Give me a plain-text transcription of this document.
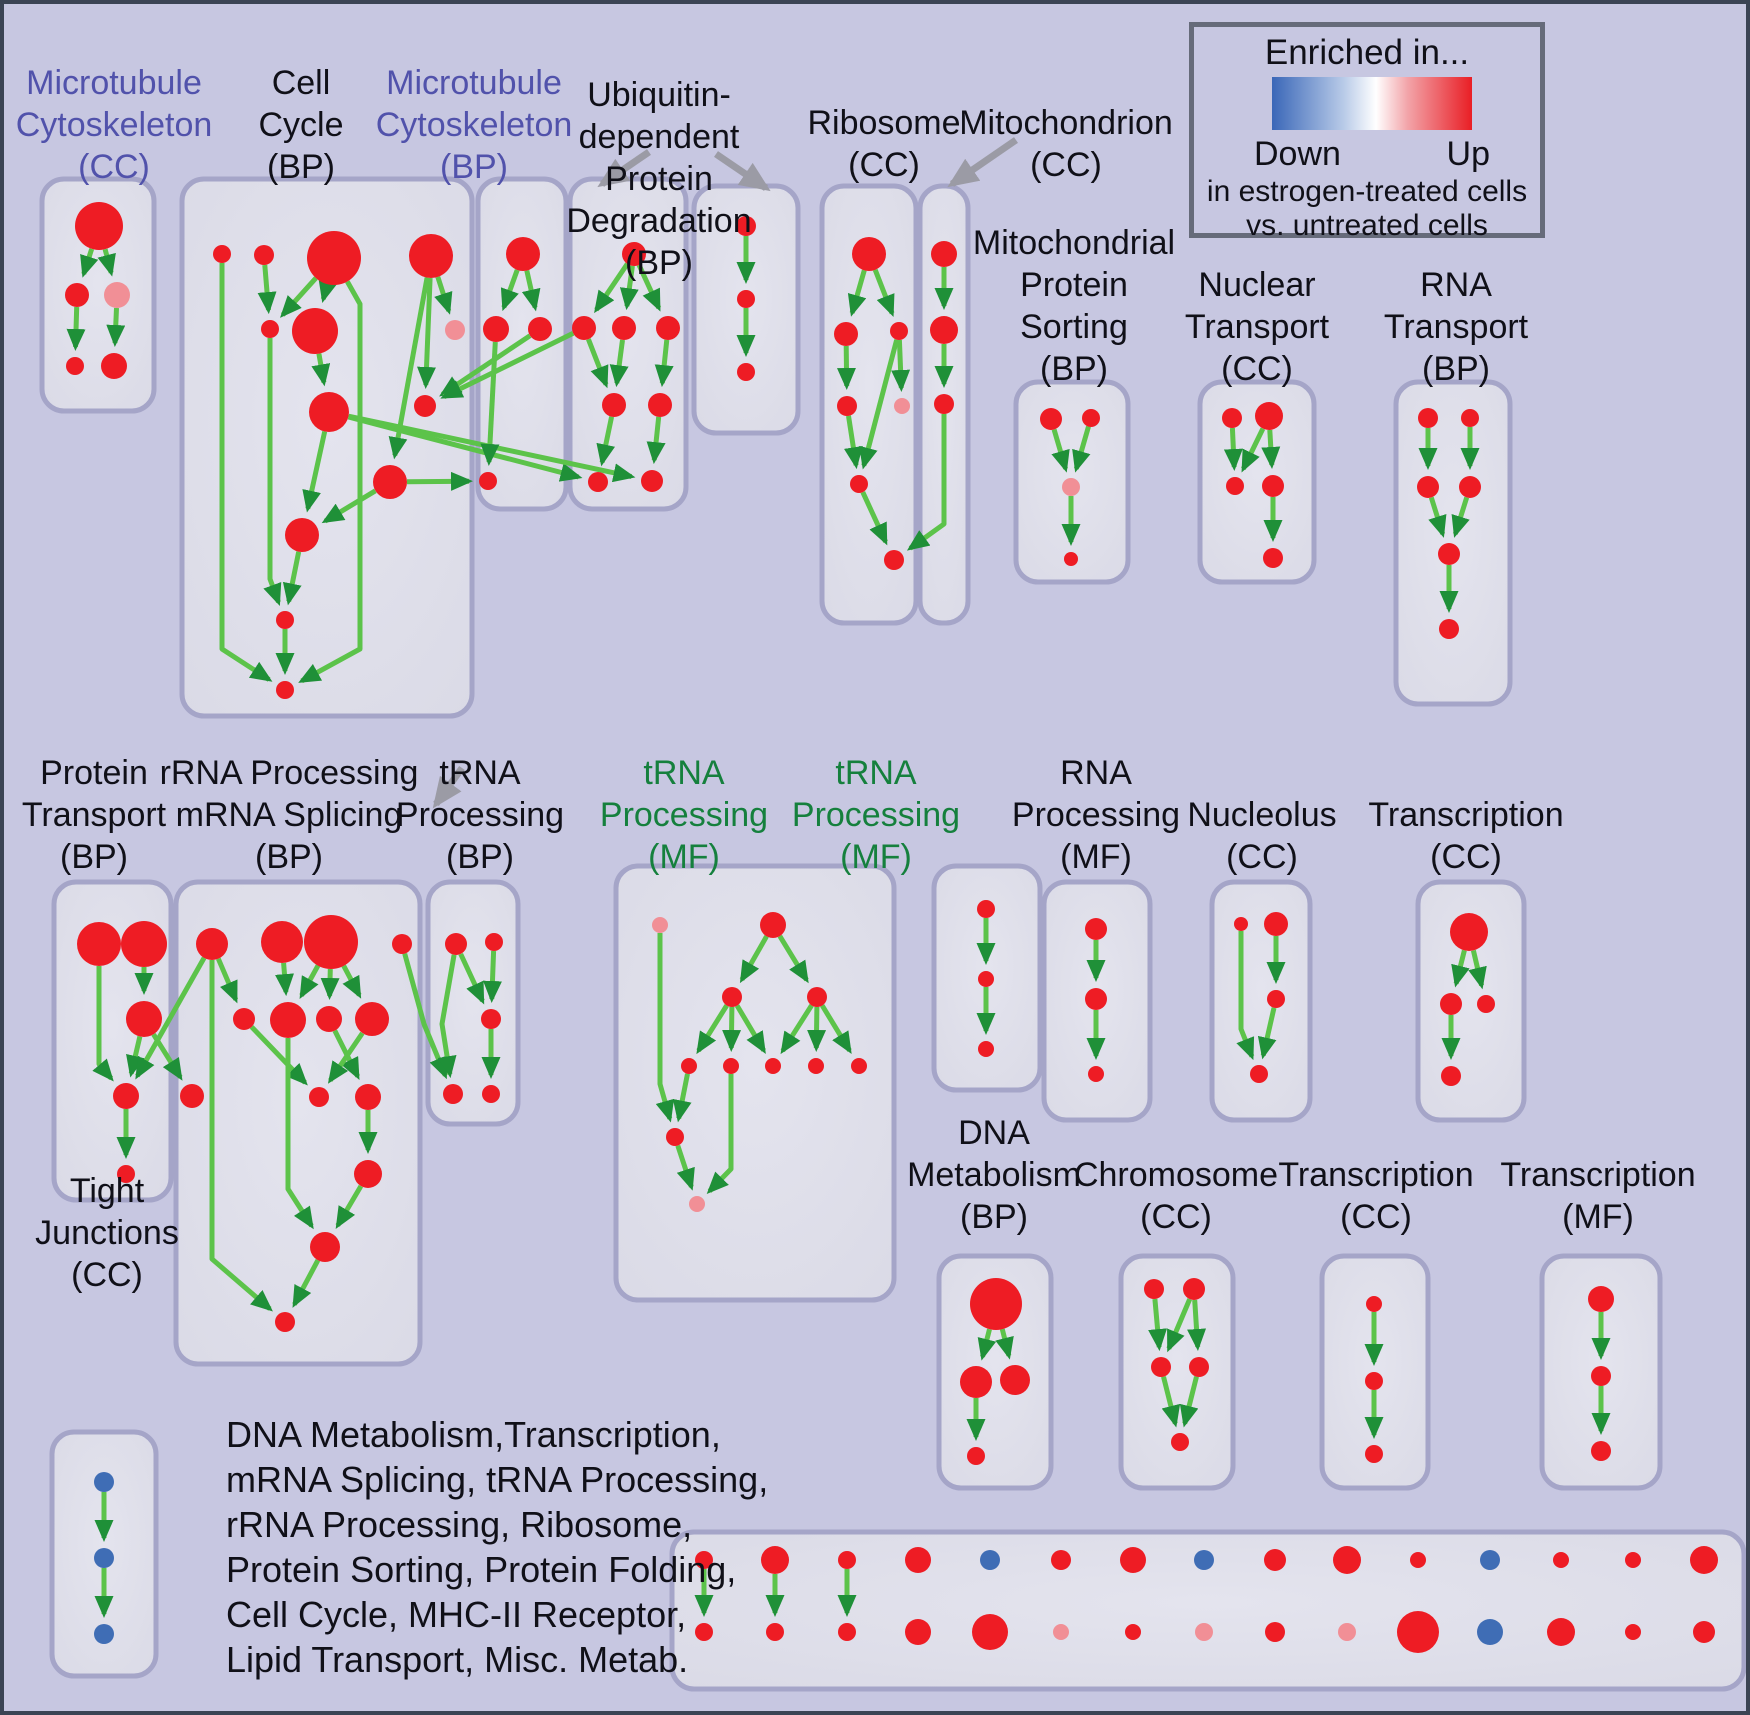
Microtubule
Cytoskeleton
(CC)
Cell
Cycle
(BP)
Microtubule
Cytoskeleton
(BP)
Ubiquitin-
dependent
Protein
Degradation
(BP)
Ribosome
(CC)
Mitochondrion
(CC)
Mitochondrial
Protein
Sorting
(BP)
Nuclear
Transport
(CC)
RNA
Transport
(BP)
Protein
Transport
(BP)
rRNA Processing
mRNA Splicing
(BP)
tRNA
Processing
(BP)
tRNA
Processing
(MF)
tRNA
Processing
(MF)
RNA
Processing
(MF)
Nucleolus
(CC)
Transcription
(CC)
DNA
Metabolism
(BP)
Chromosome
(CC)
Transcription
(CC)
Transcription
(MF)
Tight
Junctions
(CC)
Enriched in...
Down	Up
in estrogen-treated cells
vs. untreated cells
DNA Metabolism,Transcription,
mRNA Splicing, tRNA Processing,
rRNA Processing, Ribosome,
Protein Sorting, Protein Folding,
Cell Cycle, MHC-II Receptor,
Lipid Transport, Misc. Metab.
